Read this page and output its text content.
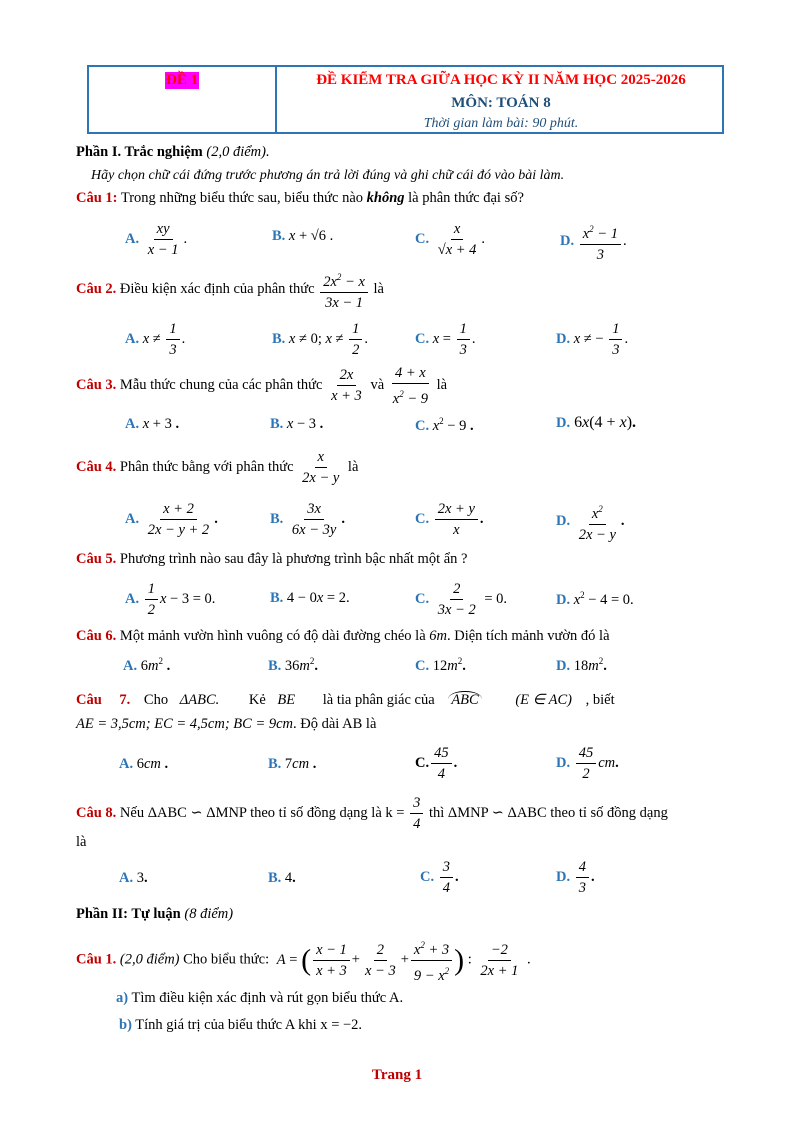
ĐỀ 1	ĐỀ KIỂM TRA GIỮA HỌC KỲ II NĂM HỌC 2025-2026
MÔN: TOÁN 8
Thời gian làm bài: 90 phút.
Phần I. Trắc nghiệm (2,0 điểm).
Hãy chọn chữ cái đứng trước phương án trả lời đúng và ghi chữ cái đó vào bài làm.
Câu 1: Trong những biểu thức sau, biểu thức nào không là phân thức đại số?
A. $\frac{xy}{x - 1}$ .	B. x + √6 .	C. $\frac{x}{√x + 4}$ .	D. $\frac{x^2 - 1}{3}$ .
Câu 2. Điều kiện xác định của phân thức $\frac{2x^2 - x}{3x - 1}$ là
A. $x \ne \frac{1}{3}$ .	B. x ≠ 0; $x \ne \frac{1}{2}$ .	C. $x = \frac{1}{3}$ .	D. x ≠ − $\frac{1}{3}$ .
Câu 3. Mẫu thức chung của các phân thức $\frac{2x}{x + 3}$ và $\frac{4 + x}{x^2 - 9}$ là
A. x + 3 .	B. x − 3 .	C. $x^2 - 9$ .	D. 6x(4 + x).
Câu 4. Phân thức bằng với phân thức $\frac{x}{2x - y}$ là
A. $\frac{x + 2}{2x - y + 2}$ .	B. $\frac{3x}{6x - 3y}$ .	C. $\frac{2x + y}{x}$ .	D. $\frac{x^2}{2x - y}$ .
Câu 5. Phương trình nào sau đây là phương trình bậc nhất một ẩn ?
A. $\frac{1}{2}$ x − 3 = 0.	B. 4 − 0x = 2.	C. $\frac{2}{3x - 2} = 0$.	D. $x^2 - 4 = 0$.
Câu 6. Một mảnh vườn hình vuông có độ dài đường chéo là 6m. Diện tích mảnh vườn đó là
A. $6m^2$ .	B. $36m^2$.	C. $12m^2$.	D. $18m^2$.
Câu 7. Cho ΔABC. Kẻ BE là tia phân giác của ABC	(E ∈ AC) , biết
AE = 3,5cm; EC = 4,5cm; BC = 9cm. Độ dài AB là
A. 6cm .	B. 7cm .	C. $\frac{45}{4}$ .	D. $\frac{45}{2}$ cm.
Câu 8. Nếu ΔABC ∽ ΔMNP theo tỉ số đồng dạng là $k = \frac{3}{4}$ thì ΔMNP ∽ ΔABC theo tỉ số đồng dạng
là
A. 3.	B. 4.	C. $\frac{3}{4}$ .	D. $\frac{4}{3}$ .
Phần II: Tự luận (8 điểm)
Câu 1. (2,0 điểm) Cho biểu thức: A = ( $\frac{x - 1}{x + 3} + \frac{2}{x - 3} + \frac{x^2 + 3}{9 - x^2}$ ) : $\frac{-2}{2x + 1}$ .
a) Tìm điều kiện xác định và rút gọn biểu thức A.
b) Tính giá trị của biểu thức A khi x = −2.
Trang 1
